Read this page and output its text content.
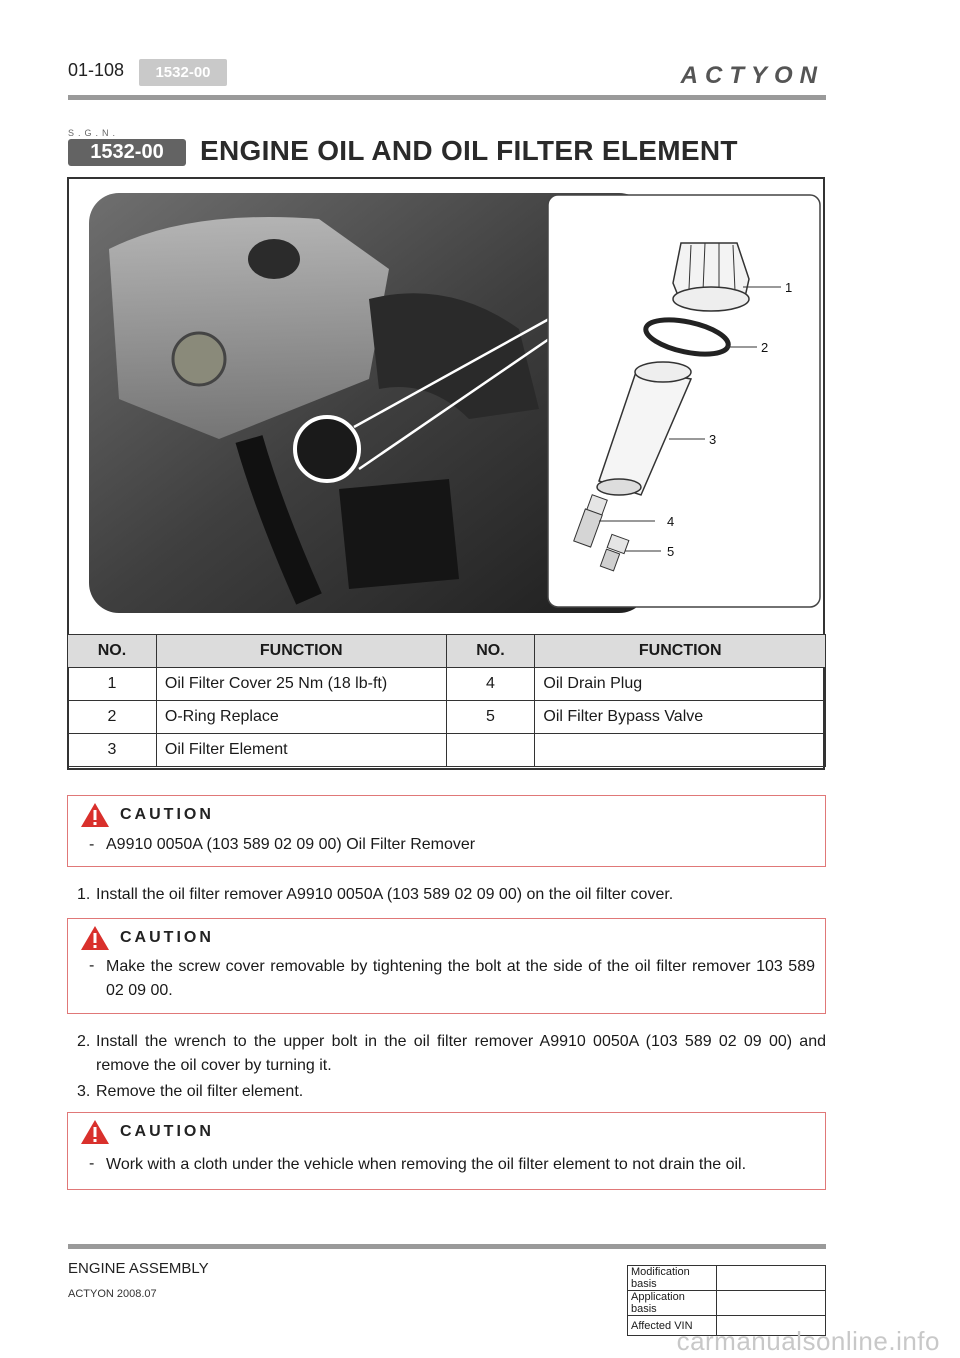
01-108	1532-00	ACTYON
S.G.N.
1532-00	ENGINE OIL AND OIL FILTER ELEMENT
1
2
3
4
5
NO.	FUNCTION	NO.	FUNCTION
1	Oil Filter Cover 25 Nm (18 lb-ft)	4	Oil Drain Plug
2	O-Ring Replace	5	Oil Filter Bypass Valve
3	Oil Filter Element		
CAUTION
- A9910 0050A (103 589 02 09 00) Oil Filter Remover
1. Install the oil filter remover A9910 0050A (103 589 02 09 00) on the oil filter cover.
CAUTION
- Make the screw cover removable by tightening the bolt at the side of the oil filter remover 103 589 02 09 00.
2. Install the wrench to the upper bolt in the oil filter remover A9910 0050A (103 589 02 09 00) and remove the oil cover by turning it.
3. Remove the oil filter element.
CAUTION
- Work with a cloth under the vehicle when removing the oil filter element to not drain the oil.
ENGINE ASSEMBLY
ACTYON 2008.07
Modification basis	
Application basis	
Affected VIN	
carmanualsonline.info
